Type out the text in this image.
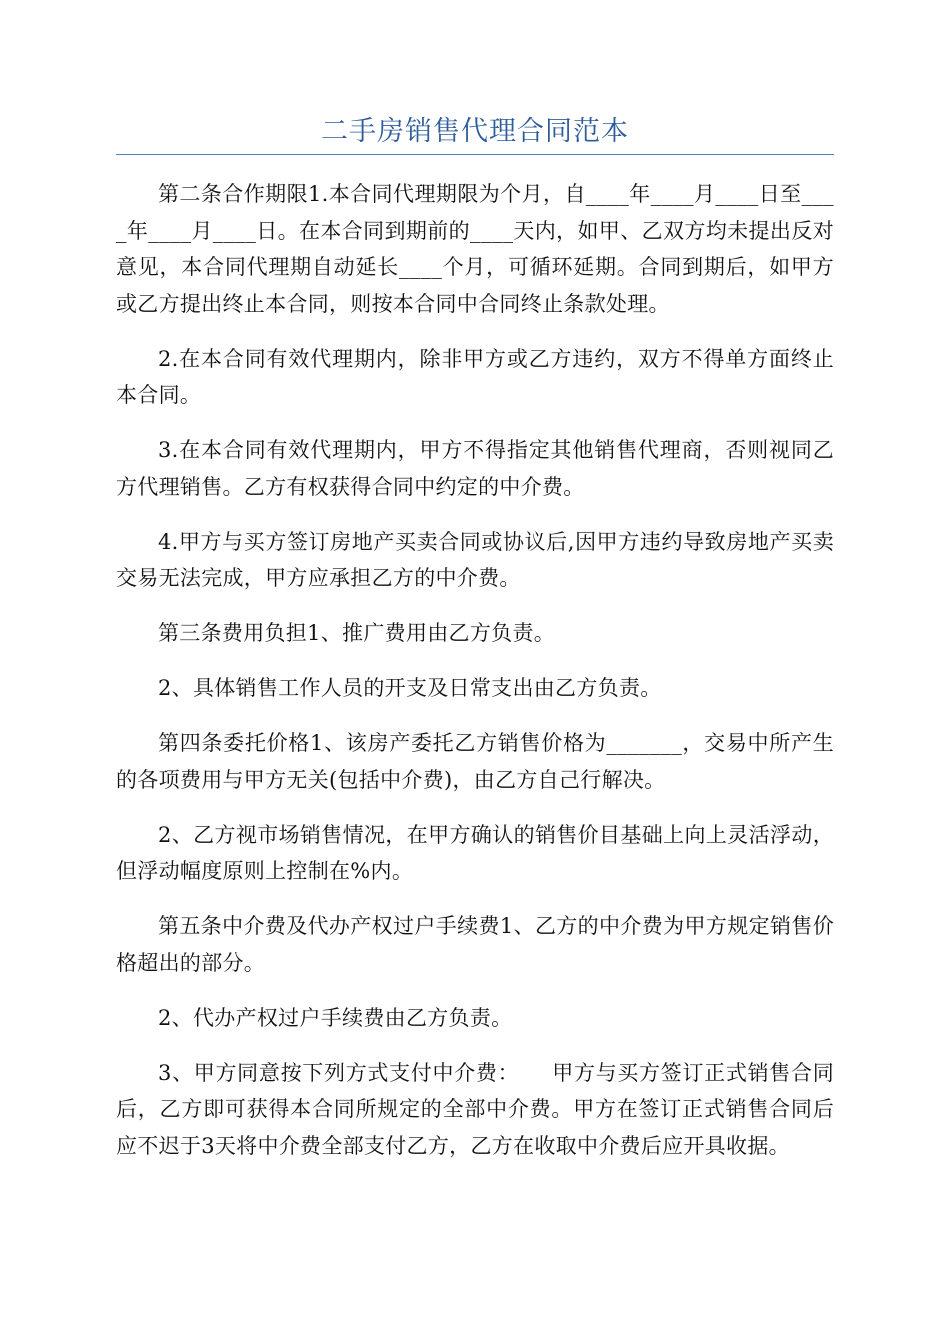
二手房销售代理合同范本

第二条合作期限1.本合同代理期限为个月，自____年____月____日至____年____月____日。在本合同到期前的____天内，如甲、乙双方均未提出反对意见，本合同代理期自动延长____个月，可循环延期。合同到期后，如甲方或乙方提出终止本合同，则按本合同中合同终止条款处理。

2.在本合同有效代理期内，除非甲方或乙方违约，双方不得单方面终止本合同。

3.在本合同有效代理期内，甲方不得指定其他销售代理商，否则视同乙方代理销售。乙方有权获得合同中约定的中介费。

4.甲方与买方签订房地产买卖合同或协议后,因甲方违约导致房地产买卖交易无法完成，甲方应承担乙方的中介费。

第三条费用负担1、推广费用由乙方负责。

2、具体销售工作人员的开支及日常支出由乙方负责。

第四条委托价格1、该房产委托乙方销售价格为_______，交易中所产生的各项费用与甲方无关(包括中介费)，由乙方自己行解决。

2、乙方视市场销售情况，在甲方确认的销售价目基础上向上灵活浮动，但浮动幅度原则上控制在%内。

第五条中介费及代办产权过户手续费1、乙方的中介费为甲方规定销售价格超出的部分。

2、代办产权过户手续费由乙方负责。

3、甲方同意按下列方式支付中介费：　　甲方与买方签订正式销售合同后，乙方即可获得本合同所规定的全部中介费。甲方在签订正式销售合同后应不迟于3天将中介费全部支付乙方，乙方在收取中介费后应开具收据。
